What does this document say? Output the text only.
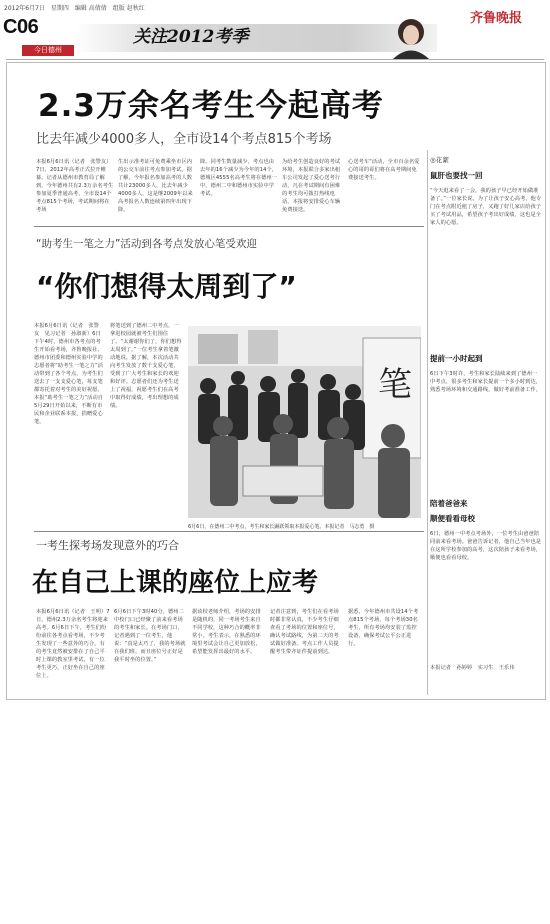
2012年6月7日　星期四　编辑 高倩倩　组版 赵秋红
C06
今日德州
关注2012考季
齐鲁晚报
2.3万余名考生今起高考
比去年减少4000多人，全市设14个考点815个考场
本报6月6日讯（记者　张警友）7日，2012年高考正式拉开帷幕。记者从德州市教育局了解到，今年德州共有2.3万余名考生参加夏季普通高考，全市设14个考点815个考场，考试期间将在考场
生出示准考证可免费乘坐市区内的公交车前往考点参加考试。据了解，今年报名参加高考的人数共计23000多人，比去年减少4000多人，这是继2009年以来高考报名人数连续第四年出现下降。
降。同考生数量减少，考点也由去年的16个减少为今年的14个，德城区4555名高考生将在德州一中、德州二中和德州市实验中学考试。
为给考生创造良好的考试环境，本报联合多家出租车公司发起了爱心送考行动，凡在考试期间有困难的考生均可拨打热线电话，本报将安排爱心车辆免费接送。
心送考车“活动，全市百余名爱心的哥的哥们将在高考期间免费接送考生。
“助考生一笔之力”活动到各考点发放心笔受欢迎
“你们想得太周到了”
本报6月6日讯（记者　张警友　见习记者　孙淑新）6日下午4时，德州市各考点的考生开始看考场，齐鲁晚报社、德州市团委和德州实验中学的志愿者将“助考生一笔之力”活动带到了各个考点，为考生们送去了一支支爱心笔，每支笔都寄托着对考生的美好祝愿。本报“助考生一笔之力”活动自5月29日开始以来，不断有市民和企业联系本报，捐赠爱心笔。
将笔送到了德州二中考点，一拿进校园就被考生们围住了。“太谢谢你们了，你们想得太周到了。”一位考生拿着笔激动地说。据了解，本次活动共向考生发放了数千支爱心笔，受到了广大考生和家长的欢迎和好评。志愿者们还为考生送上了祝福，祝愿考生们在高考中取得好成绩，考出理想的成绩。
笔
6月6日，在德州二中考点，考生和家长踊跃领取本报爱心笔。本报记者　马志勇　摄
一考生探考场发现意外的巧合
在自己上课的座位上应考
本报6月6日讯（记者　王明）7日，德州2.3万余名考生将迎来高考。6月6日下午，考生们纷纷前往各考点看考场，不少考生发现了一些意外的巧合，有的考生竟然被安排在了自己平时上课的教室里考试，有一位考生更巧，正好坐在自己的座位上。
6月6日下午3时40分，德州二中校门口已经聚了前来看考场的考生和家长。在考场门口，记者遇到了一位考生，他说：“真是太巧了，我的考场就在我们班，而且座位号正好是我平时坐的位置。”
据该校老师介绍，考场的安排是随机的，同一考场考生来自不同学校，这种巧合的概率非常小。考生表示，在熟悉的环境里考试会让自己更加放松，希望能发挥出最好的水平。
记者注意到，考生们在看考场时都非常认真，不少考生仔细查看了考场的位置和座位号，确认考试路线，为第二天的考试做好准备。考点工作人员提醒考生带齐证件提前到达。
据悉，今年德州市共设14个考点815个考场，每个考场30名考生，所有考场均安装了监控设备，确保考试公平公正进行。
◎花絮
鼠肝也要找一回
“今天逛来看了一会，我的孩子早已经开始做准备了。”一位家长说，为了让孩子安心高考，他专门在考点附近租了房子，又跑了好几家店给孩子买了考试用品，希望孩子考出好成绩，这也是全家人的心愿。
提前一小时起到
6日下午3时许，考生和家长陆续来到了德州一中考点，很多考生和家长提前一个多小时到达，熟悉考场环境和交通路线，做好考前准备工作。
陪着爸爸来
顺便看看母校
6日，德州一中考点考场外，一位考生由爸爸陪同前来看考场。爸爸告诉记者，他自己当年也是在这所学校参加的高考，这次陪孩子来看考场，顺便也看看母校。
本报记者　孙婷婷　实习生　王乐伟
